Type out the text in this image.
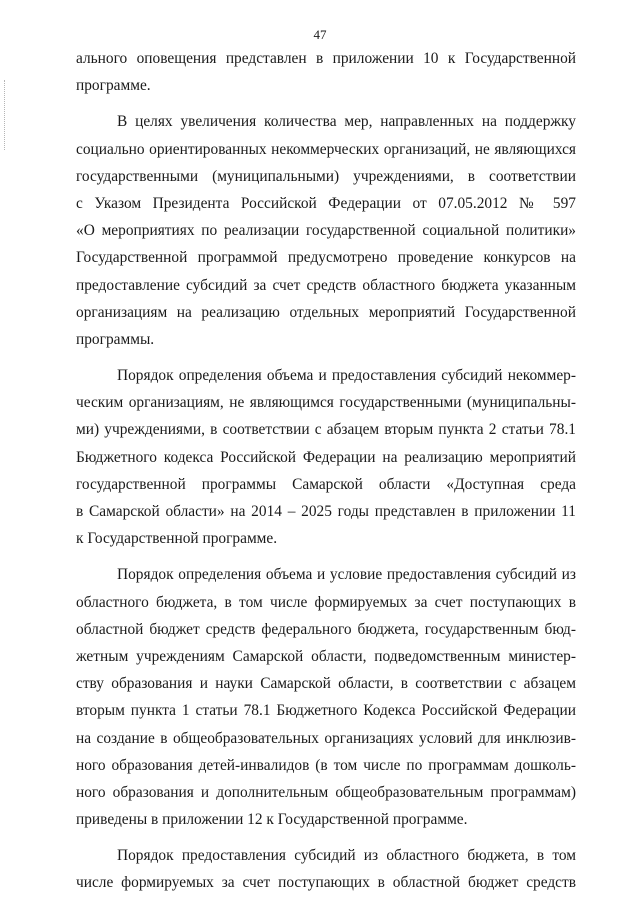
47
ального оповещения представлен в приложении 10 к Государственной
программе.
В целях увеличения количества мер, направленных на поддержку
социально ориентированных некоммерческих организаций, не являющихся
государственными (муниципальными) учреждениями, в соответствии
с Указом Президента Российской Федерации от 07.05.2012 № 597
«О мероприятиях по реализации государственной социальной политики»
Государственной программой предусмотрено проведение конкурсов на
предоставление субсидий за счет средств областного бюджета указанным
организациям на реализацию отдельных мероприятий Государственной
программы.
Порядок определения объема и предоставления субсидий некоммер-
ческим организациям, не являющимся государственными (муниципальны-
ми) учреждениями, в соответствии с абзацем вторым пункта 2 статьи 78.1
Бюджетного кодекса Российской Федерации на реализацию мероприятий
государственной программы Самарской области «Доступная среда
в Самарской области» на 2014 – 2025 годы представлен в приложении 11
к Государственной программе.
Порядок определения объема и условие предоставления субсидий из
областного бюджета, в том числе формируемых за счет поступающих в
областной бюджет средств федерального бюджета, государственным бюд-
жетным учреждениям Самарской области, подведомственным министер-
ству образования и науки Самарской области, в соответствии с абзацем
вторым пункта 1 статьи 78.1 Бюджетного Кодекса Российской Федерации
на создание в общеобразовательных организациях условий для инклюзив-
ного образования детей-инвалидов (в том числе по программам дошколь-
ного образования и дополнительным общеобразовательным программам)
приведены в приложении 12 к Государственной программе.
Порядок предоставления субсидий из областного бюджета, в том
числе формируемых за счет поступающих в областной бюджет средств
